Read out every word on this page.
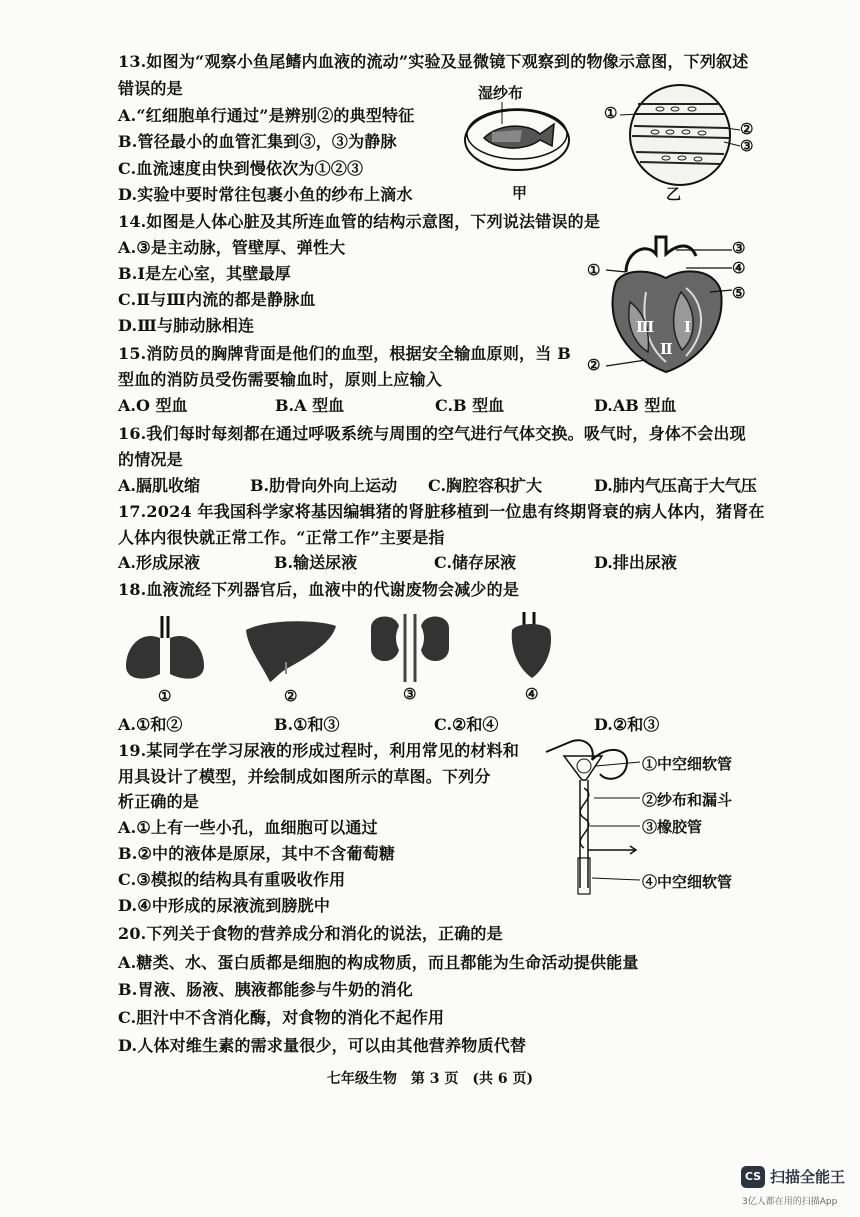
13.如图为“观察小鱼尾鳍内血液的流动”实验及显微镜下观察到的物像示意图，下列叙述
错误的是
A.“红细胞单行通过”是辨别②的典型特征
B.管径最小的血管汇集到③，③为静脉
C.血流速度由快到慢依次为①②③
D.实验中要时常往包裹小鱼的纱布上滴水
湿纱布
甲
①
②
③
乙
14.如图是人体心脏及其所连血管的结构示意图，下列说法错误的是
A.③是主动脉，管壁厚、弹性大
B.Ⅰ是左心室，其壁最厚
C.Ⅱ与Ⅲ内流的都是静脉血
D.Ⅲ与肺动脉相连
①
③
④
⑤
②
Ⅰ
Ⅱ
Ⅲ
15.消防员的胸牌背面是他们的血型，根据安全输血原则，当 B
型血的消防员受伤需要输血时，原则上应输入
A.O 型血	B.A 型血	C.B 型血	D.AB 型血
16.我们每时每刻都在通过呼吸系统与周围的空气进行气体交换。吸气时，身体不会出现
的情况是
A.膈肌收缩	B.肋骨向外向上运动 C.胸腔容积扩大	D.肺内气压高于大气压
17.2024 年我国科学家将基因编辑猪的肾脏移植到一位患有终期肾衰的病人体内，猪肾在
人体内很快就正常工作。“正常工作”主要是指
A.形成尿液	B.输送尿液	C.储存尿液	D.排出尿液
18.血液流经下列器官后，血液中的代谢废物会减少的是
①	②	③	④
A.①和②	B.①和③	C.②和④	D.②和③
19.某同学在学习尿液的形成过程时，利用常见的材料和
用具设计了模型，并绘制成如图所示的草图。下列分
析正确的是
A.①上有一些小孔，血细胞可以通过
B.②中的液体是原尿，其中不含葡萄糖
C.③模拟的结构具有重吸收作用
D.④中形成的尿液流到膀胱中
①中空细软管
②纱布和漏斗
③橡胶管
④中空细软管
20.下列关于食物的营养成分和消化的说法，正确的是
A.糖类、水、蛋白质都是细胞的构成物质，而且都能为生命活动提供能量
B.胃液、肠液、胰液都能参与牛奶的消化
C.胆汁中不含消化酶，对食物的消化不起作用
D.人体对维生素的需求量很少，可以由其他营养物质代替
七年级生物　第 3 页　(共 6 页)
CS 扫描全能王
3亿人都在用的扫描App
